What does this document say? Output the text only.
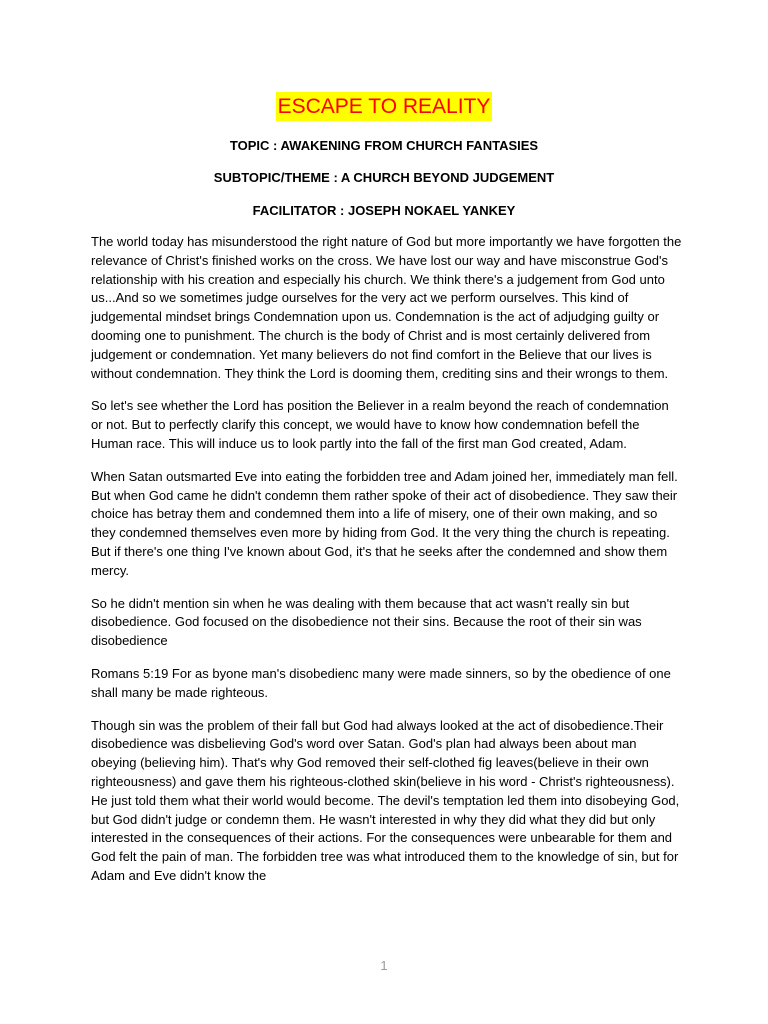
ESCAPE TO REALITY
TOPIC : AWAKENING FROM CHURCH FANTASIES
SUBTOPIC/THEME : A CHURCH BEYOND JUDGEMENT
FACILITATOR : JOSEPH NOKAEL YANKEY

The world today has misunderstood the right nature of God but more importantly we have forgotten the relevance of Christ's finished works on the cross. We have lost our way and have misconstrue God's relationship with his creation and especially his church. We think there's a judgement from God unto us...And so we sometimes judge ourselves for the very act we perform ourselves. This kind of judgemental mindset brings Condemnation upon us. Condemnation is the act of adjudging guilty or dooming one to punishment. The church is the body of Christ and is most certainly delivered from judgement or condemnation. Yet many believers do not find comfort in the Believe that our lives is without condemnation. They think the Lord is dooming them, crediting sins and their wrongs to them.

So let's see whether the Lord has position the Believer in a realm beyond the reach of condemnation or not. But to perfectly clarify this concept, we would have to know how condemnation befell the Human race. This will induce us to look partly into the fall of the first man God created, Adam.

When Satan outsmarted Eve into eating the forbidden tree and Adam joined her, immediately man fell. But when God came he didn't condemn them rather spoke of their act of disobedience. They saw their choice has betray them and condemned them into a life of misery, one of their own making, and so they condemned themselves even more by hiding from God. It the very thing the church is repeating. But if there's one thing I've known about God, it's that he seeks after the condemned and show them mercy.

So he didn't mention sin when he was dealing with them because that act wasn't really sin but disobedience. God focused on the disobedience not their sins. Because the root of their sin was disobedience

Romans 5:19 For as byone man's disobedienc many were made sinners, so by the obedience of one shall many be made righteous.

Though sin was the problem of their fall but God had always looked at the act of disobedience.Their disobedience was disbelieving God's word over Satan. God's plan had always been about man obeying (believing him). That's why God removed their self-clothed fig leaves(believe in their own righteousness) and gave them his righteous-clothed skin(believe in his word - Christ's righteousness). He just told them what their world would become. The devil's temptation led them into disobeying God, but God didn't judge or condemn them. He wasn't interested in why they did what they did but only interested in the consequences of their actions. For the consequences were unbearable for them and God felt the pain of man. The forbidden tree was what introduced them to the knowledge of sin, but for Adam and Eve didn't know the

1
